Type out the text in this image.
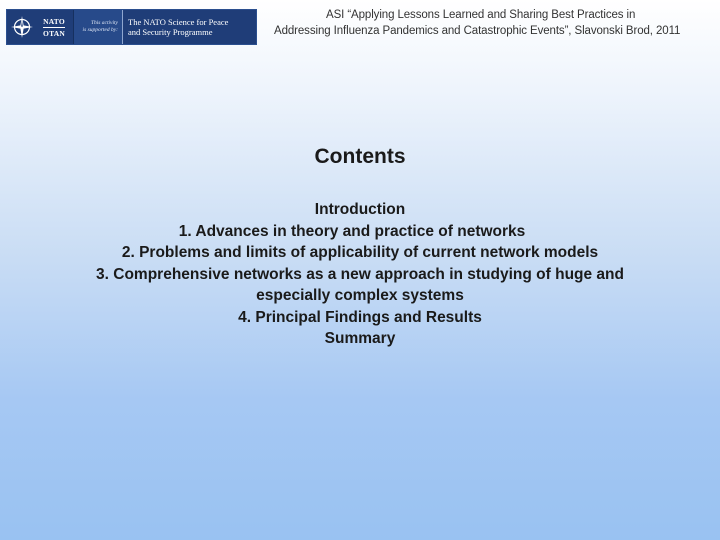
NATO
OTAN
This activity
is supported by:
The NATO Science for Peace
and Security Programme
ASI “Applying Lessons Learned and Sharing Best Practices in
Addressing Influenza Pandemics and Catastrophic Events”, Slavonski Brod, 2011
Contents
Introduction
1. Advances in theory and practice of networks
2. Problems and limits of applicability of current network models
3. Comprehensive networks as a new approach in studying of huge and
especially complex systems
4. Principal Findings and Results
Summary
